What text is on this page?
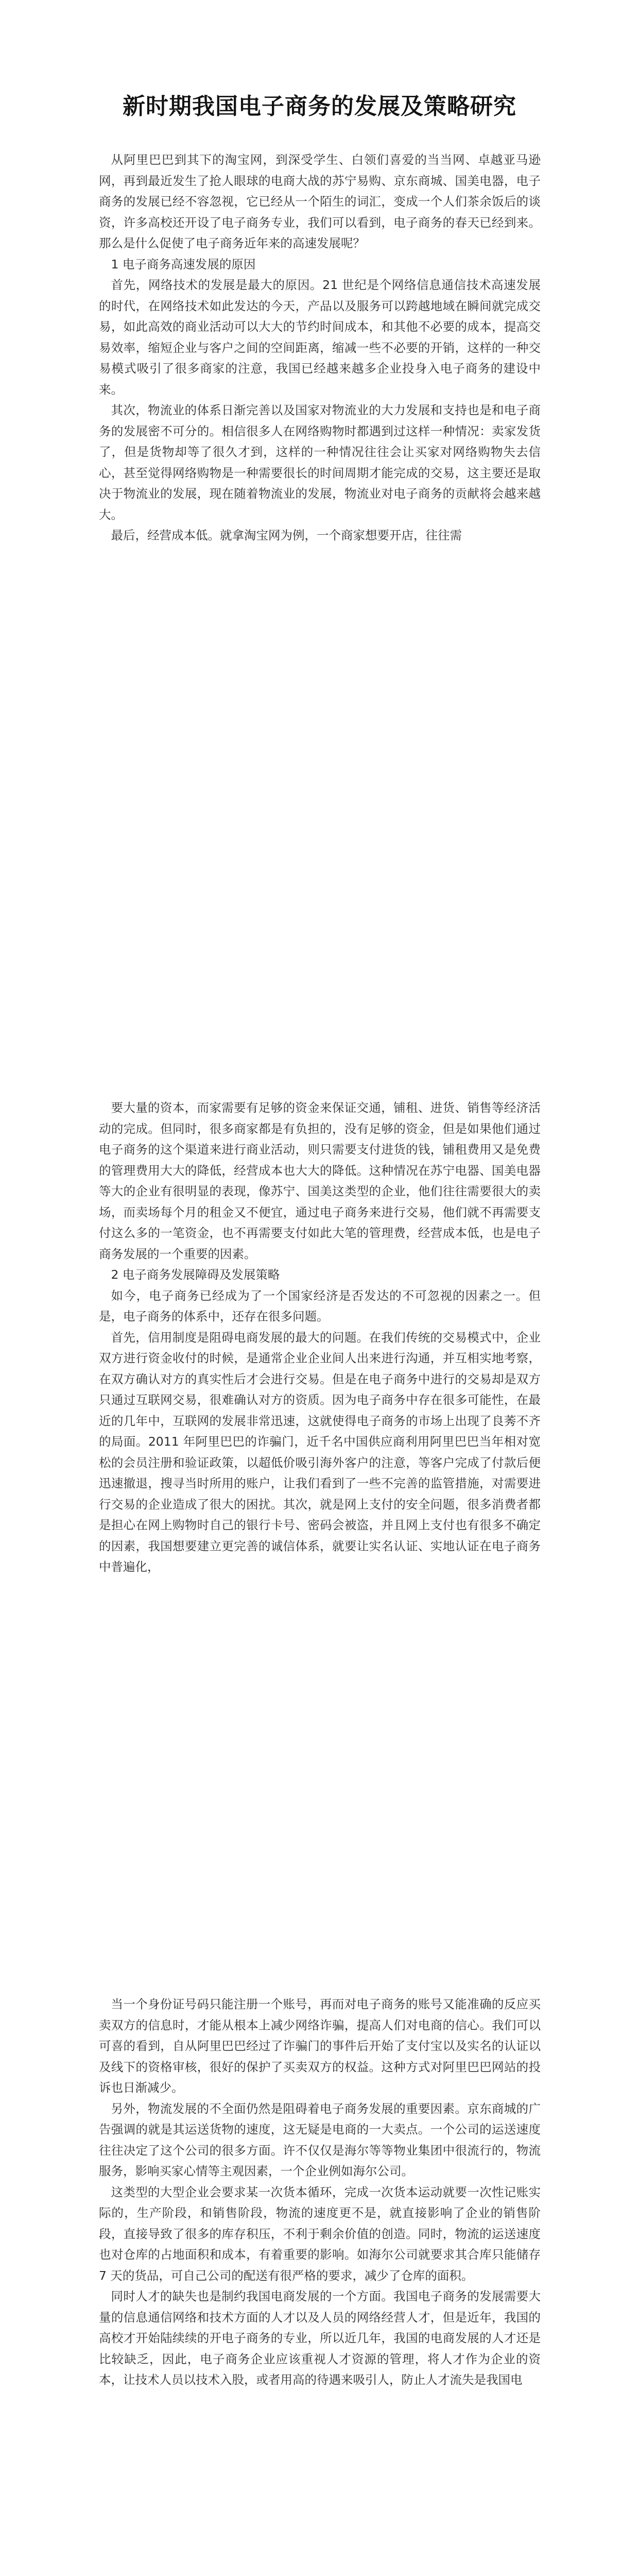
新时期我国电子商务的发展及策略研究

从阿里巴巴到其下的淘宝网，到深受学生、白领们喜爱的当当网、卓越亚马逊网，再到最近发生了抢人眼球的电商大战的苏宁易购、京东商城、国美电器，电子商务的发展已经不容忽视，它已经从一个陌生的词汇，变成一个人们茶余饭后的谈资，许多高校还开设了电子商务专业，我们可以看到，电子商务的春天已经到来。那么是什么促使了电子商务近年来的高速发展呢？

1 电子商务高速发展的原因

首先，网络技术的发展是最大的原因。21 世纪是个网络信息通信技术高速发展的时代，在网络技术如此发达的今天，产品以及服务可以跨越地域在瞬间就完成交易，如此高效的商业活动可以大大的节约时间成本，和其他不必要的成本，提高交易效率，缩短企业与客户之间的空间距离，缩减一些不必要的开销，这样的一种交易模式吸引了很多商家的注意，我国已经越来越多企业投身入电子商务的建设中来。

其次，物流业的体系日渐完善以及国家对物流业的大力发展和支持也是和电子商务的发展密不可分的。相信很多人在网络购物时都遇到过这样一种情况：卖家发货了，但是货物却等了很久才到，这样的一种情况往往会让买家对网络购物失去信心，甚至觉得网络购物是一种需要很长的时间周期才能完成的交易，这主要还是取决于物流业的发展，现在随着物流业的发展，物流业对电子商务的贡献将会越来越大。

最后，经营成本低。就拿淘宝网为例，一个商家想要开店，往往需

要大量的资本，而家需要有足够的资金来保证交通，铺租、进货、销售等经济活动的完成。但同时，很多商家都是有负担的，没有足够的资金，但是如果他们通过电子商务的这个渠道来进行商业活动，则只需要支付进货的钱，铺租费用又是免费的管理费用大大的降低，经营成本也大大的降低。这种情况在苏宁电器、国美电器等大的企业有很明显的表现，像苏宁、国美这类型的企业，他们往往需要很大的卖场，而卖场每个月的租金又不便宜，通过电子商务来进行交易，他们就不再需要支付这么多的一笔资金，也不再需要支付如此大笔的管理费，经营成本低，也是电子商务发展的一个重要的因素。

2 电子商务发展障碍及发展策略

如今，电子商务已经成为了一个国家经济是否发达的不可忽视的因素之一。但是，电子商务的体系中，还存在很多问题。

首先，信用制度是阻碍电商发展的最大的问题。在我们传统的交易模式中，企业双方进行资金收付的时候，是通常企业企业间人出来进行沟通，并互相实地考察，在双方确认对方的真实性后才会进行交易。但是在电子商务中进行的交易却是双方只通过互联网交易，很难确认对方的资质。因为电子商务中存在很多可能性，在最近的几年中，互联网的发展非常迅速，这就使得电子商务的市场上出现了良莠不齐的局面。2011 年阿里巴巴的诈骗门，近千名中国供应商利用阿里巴巴当年相对宽松的会员注册和验证政策，以超低价吸引海外客户的注意，等客户完成了付款后便迅速撤退，搜寻当时所用的账户，让我们看到了一些不完善的监管措施，对需要进行交易的企业造成了很大的困扰。其次，就是网上支付的安全问题，很多消费者都是担心在网上购物时自己的银行卡号、密码会被盗，并且网上支付也有很多不确定的因素，我国想要建立更完善的诚信体系，就要让实名认证、实地认证在电子商务中普遍化，

当一个身份证号码只能注册一个账号，再而对电子商务的账号又能准确的反应买卖双方的信息时，才能从根本上减少网络诈骗，提高人们对电商的信心。我们可以可喜的看到，自从阿里巴巴经过了诈骗门的事件后开始了支付宝以及实名的认证以及线下的资格审核，很好的保护了买卖双方的权益。这种方式对阿里巴巴网站的投诉也日渐减少。

另外，物流发展的不全面仍然是阻碍着电子商务发展的重要因素。京东商城的广告强调的就是其运送货物的速度，这无疑是电商的一大卖点。一个公司的运送速度往往决定了这个公司的很多方面。许不仅仅是海尔等等物业集团中很流行的，物流服务，影响买家心情等主观因素，一个企业例如海尔公司。

这类型的大型企业会要求某一次货本循环，完成一次货本运动就要一次性记账实际的，生产阶段，和销售阶段，物流的速度更不是，就直接影响了企业的销售阶段，直接导致了很多的库存积压，不利于剩余价值的创造。同时，物流的运送速度也对仓库的占地面积和成本，有着重要的影响。如海尔公司就要求其合库只能储存 7 天的货品，可自己公司的配送有很严格的要求，减少了仓库的面积。

同时人才的缺失也是制约我国电商发展的一个方面。我国电子商务的发展需要大量的信息通信网络和技术方面的人才以及人员的网络经营人才，但是近年，我国的高校才开始陆续续的开电子商务的专业，所以近几年，我国的电商发展的人才还是比较缺乏，因此，电子商务企业应该重视人才资源的管理，将人才作为企业的资本，让技术人员以技术入股，或者用高的待遇来吸引人，防止人才流失是我国电
